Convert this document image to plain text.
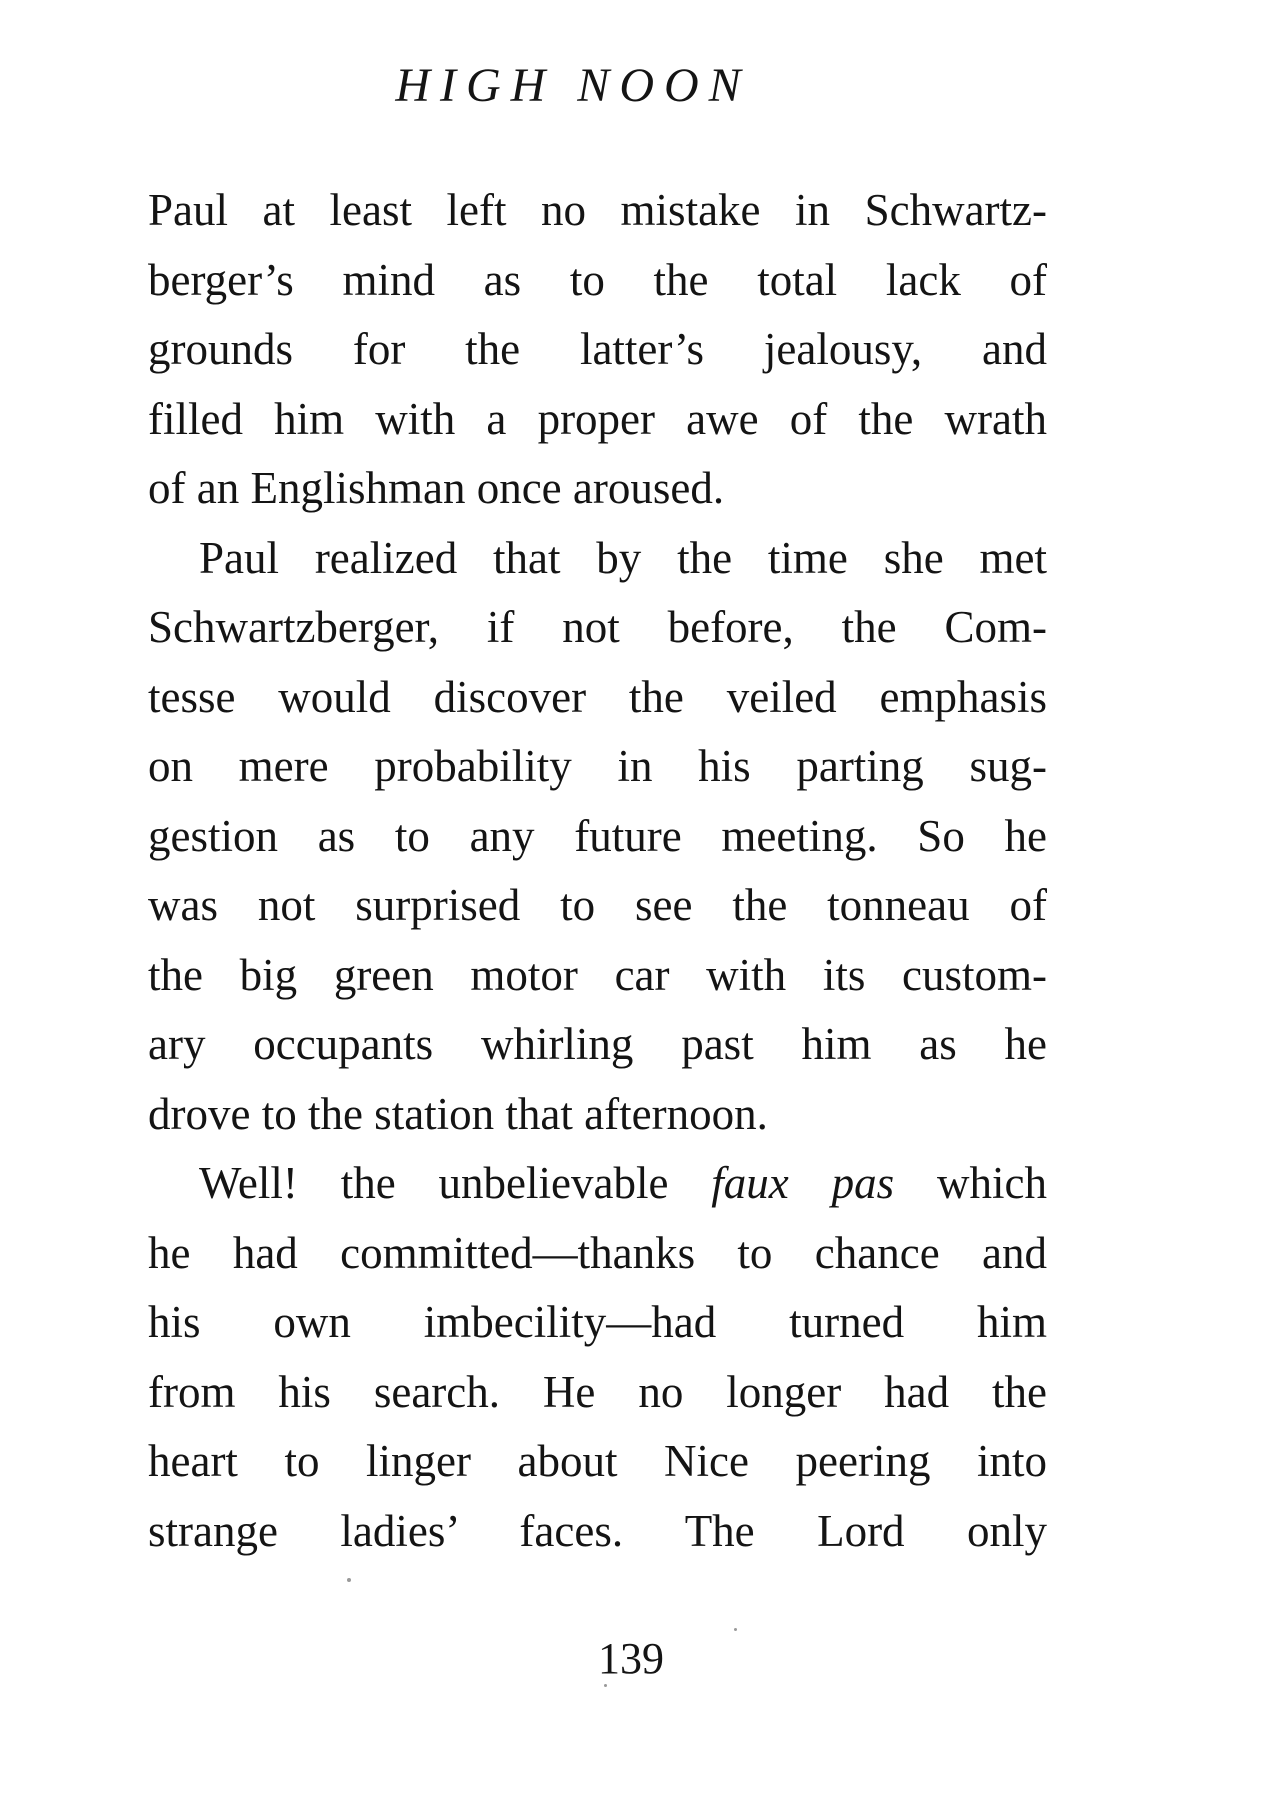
HIGH NOON
Paul at least left no mistake in Schwartz-
berger’s mind as to the total lack of
grounds for the latter’s jealousy, and
filled him with a proper awe of the wrath
of an Englishman once aroused.
Paul realized that by the time she met
Schwartzberger, if not before, the Com-
tesse would discover the veiled emphasis
on mere probability in his parting sug-
gestion as to any future meeting. So he
was not surprised to see the tonneau of
the big green motor car with its custom-
ary occupants whirling past him as he
drove to the station that afternoon.
Well! the unbelievable faux pas which
he had committed—thanks to chance and
his own imbecility—had turned him
from his search. He no longer had the
heart to linger about Nice peering into
strange ladies’ faces. The Lord only
139
